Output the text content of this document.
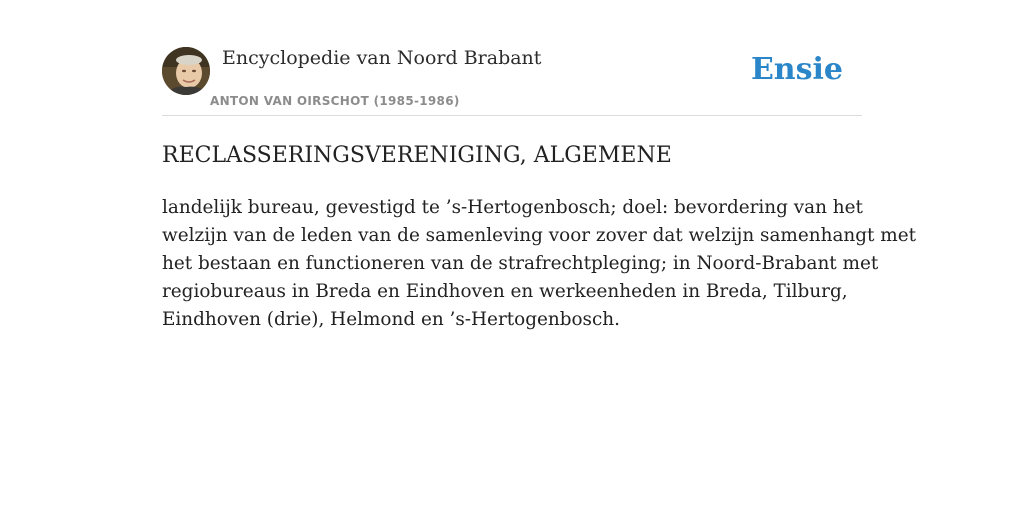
Encyclopedie van Noord Brabant
ANTON VAN OIRSCHOT (1985-1986)
Ensie
RECLASSERINGSVERENIGING, ALGEMENE

landelijk bureau, gevestigd te ’s-Hertogenbosch; doel: bevordering van het
welzijn van de leden van de samenleving voor zover dat welzijn samenhangt met
het bestaan en functioneren van de strafrechtpleging; in Noord-Brabant met
regiobureaus in Breda en Eindhoven en werkeenheden in Breda, Tilburg,
Eindhoven (drie), Helmond en ’s-Hertogenbosch.
